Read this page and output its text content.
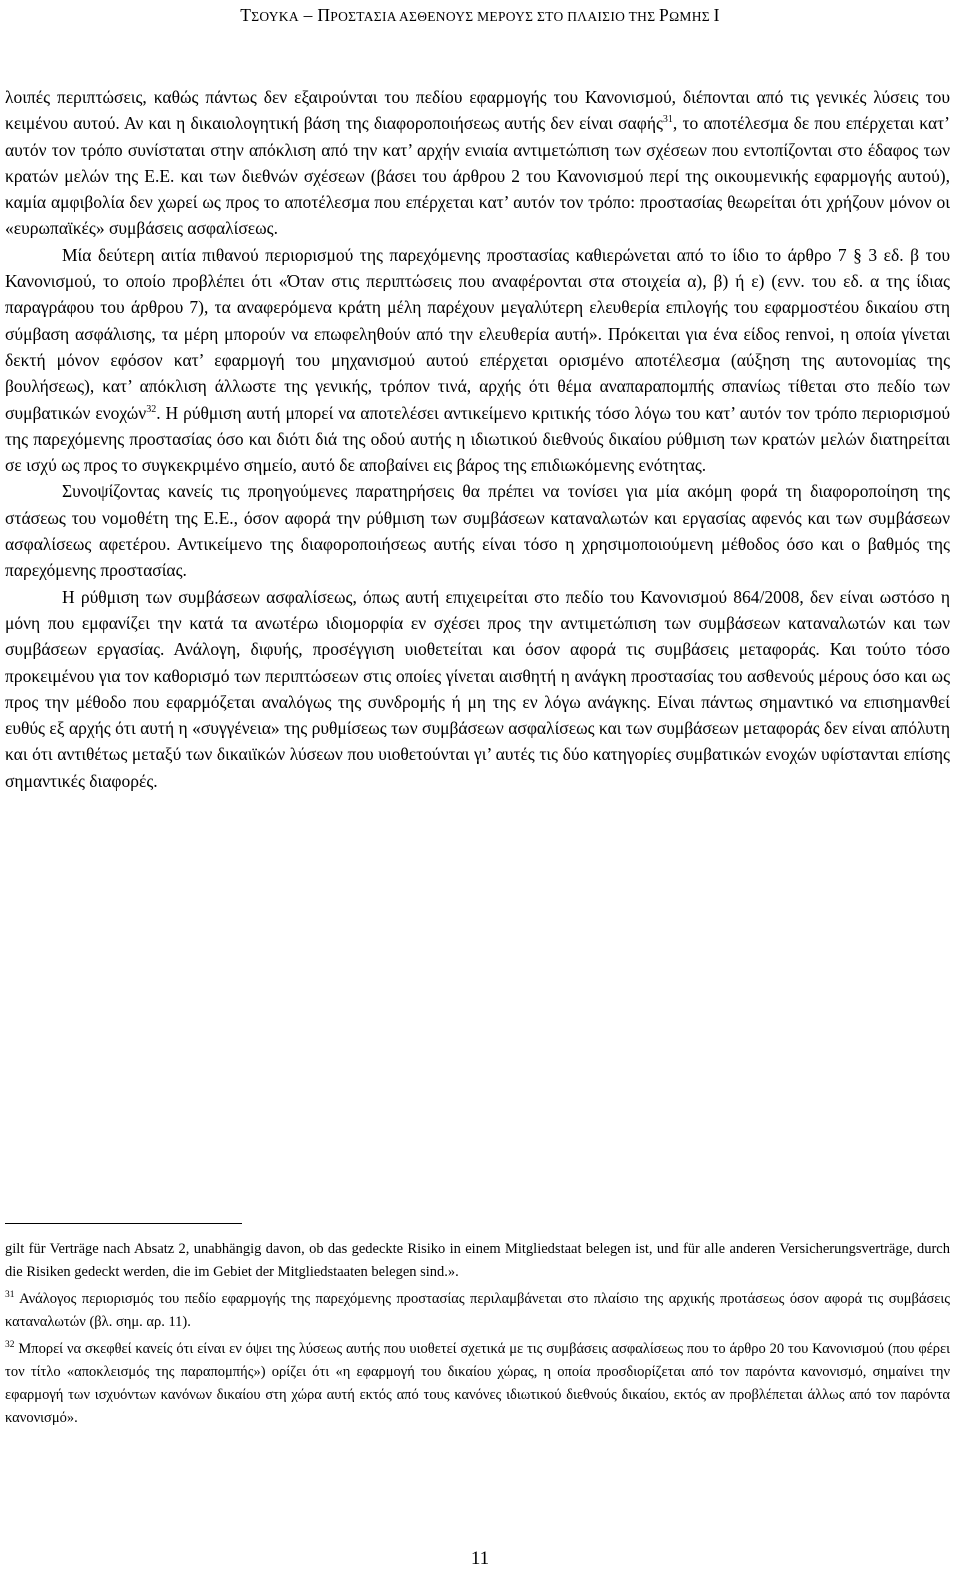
ΤΣΟΥΚΑ – ΠΡΟΣΤΑΣΙΑ ΑΣΘΕΝΟΥΣ ΜΕΡΟΥΣ ΣΤΟ ΠΛΑΙΣΙΟ ΤΗΣ ΡΩΜΗΣ I

λοιπές περιπτώσεις, καθώς πάντως δεν εξαιρούνται του πεδίου εφαρμογής του Κανονισμού, διέπονται από τις γενικές λύσεις του κειμένου αυτού. Αν και η δικαιολογητική βάση της διαφοροποιήσεως αυτής δεν είναι σαφής$^{31}$, το αποτέλεσμα δε που επέρχεται κατ’ αυτόν τον τρόπο συνίσταται στην απόκλιση από την κατ’ αρχήν ενιαία αντιμετώπιση των σχέσεων που εντοπίζονται στο έδαφος των κρατών μελών της Ε.Ε. και των διεθνών σχέσεων (βάσει του άρθρου 2 του Κανονισμού περί της οικουμενικής εφαρμογής αυτού), καμία αμφιβολία δεν χωρεί ως προς το αποτέλεσμα που επέρχεται κατ’ αυτόν τον τρόπο: προστασίας θεωρείται ότι χρήζουν μόνον οι «ευρωπαϊκές» συμβάσεις ασφαλίσεως.

Μία δεύτερη αιτία πιθανού περιορισμού της παρεχόμενης προστασίας καθιερώνεται από το ίδιο το άρθρο 7 § 3 εδ. β του Κανονισμού, το οποίο προβλέπει ότι «Όταν στις περιπτώσεις που αναφέρονται στα στοιχεία α), β) ή ε) (ενν. του εδ. α της ίδιας παραγράφου του άρθρου 7), τα αναφερόμενα κράτη μέλη παρέχουν μεγαλύτερη ελευθερία επιλογής του εφαρμοστέου δικαίου στη σύμβαση ασφάλισης, τα μέρη μπορούν να επωφεληθούν από την ελευθερία αυτή». Πρόκειται για ένα είδος renvoi, η οποία γίνεται δεκτή μόνον εφόσον κατ’ εφαρμογή του μηχανισμού αυτού επέρχεται ορισμένο αποτέλεσμα (αύξηση της αυτονομίας της βουλήσεως), κατ’ απόκλιση άλλωστε της γενικής, τρόπον τινά, αρχής ότι θέμα αναπαραπομπής σπανίως τίθεται στο πεδίο των συμβατικών ενοχών$^{32}$. Η ρύθμιση αυτή μπορεί να αποτελέσει αντικείμενο κριτικής τόσο λόγω του κατ’ αυτόν τον τρόπο περιορισμού της παρεχόμενης προστασίας όσο και διότι διά της οδού αυτής η ιδιωτικού διεθνούς δικαίου ρύθμιση των κρατών μελών διατηρείται σε ισχύ ως προς το συγκεκριμένο σημείο, αυτό δε αποβαίνει εις βάρος της επιδιωκόμενης ενότητας.

Συνοψίζοντας κανείς τις προηγούμενες παρατηρήσεις θα πρέπει να τονίσει για μία ακόμη φορά τη διαφοροποίηση της στάσεως του νομοθέτη της Ε.Ε., όσον αφορά την ρύθμιση των συμβάσεων καταναλωτών και εργασίας αφενός και των συμβάσεων ασφαλίσεως αφετέρου. Αντικείμενο της διαφοροποιήσεως αυτής είναι τόσο η χρησιμοποιούμενη μέθοδος όσο και ο βαθμός της παρεχόμενης προστασίας.

Η ρύθμιση των συμβάσεων ασφαλίσεως, όπως αυτή επιχειρείται στο πεδίο του Κανονισμού 864/2008, δεν είναι ωστόσο η μόνη που εμφανίζει την κατά τα ανωτέρω ιδιομορφία εν σχέσει προς την αντιμετώπιση των συμβάσεων καταναλωτών και των συμβάσεων εργασίας. Ανάλογη, διφυής, προσέγγιση υιοθετείται και όσον αφορά τις συμβάσεις μεταφοράς. Και τούτο τόσο προκειμένου για τον καθορισμό των περιπτώσεων στις οποίες γίνεται αισθητή η ανάγκη προστασίας του ασθενούς μέρους όσο και ως προς την μέθοδο που εφαρμόζεται αναλόγως της συνδρομής ή μη της εν λόγω ανάγκης. Είναι πάντως σημαντικό να επισημανθεί ευθύς εξ αρχής ότι αυτή η «συγγένεια» της ρυθμίσεως των συμβάσεων ασφαλίσεως και των συμβάσεων μεταφοράς δεν είναι απόλυτη και ότι αντιθέτως μεταξύ των δικαιϊκών λύσεων που υιοθετούνται γι’ αυτές τις δύο κατηγορίες συμβατικών ενοχών υφίστανται επίσης σημαντικές διαφορές.

gilt für Verträge nach Absatz 2, unabhängig davon, ob das gedeckte Risiko in einem Mitgliedstaat belegen ist, und für alle anderen Versicherungsverträge, durch die Risiken gedeckt werden, die im Gebiet der Mitgliedstaaten belegen sind.».

$^{31}$ Ανάλογος περιορισμός του πεδίο εφαρμογής της παρεχόμενης προστασίας περιλαμβάνεται στο πλαίσιο της αρχικής προτάσεως όσον αφορά τις συμβάσεις καταναλωτών (βλ. σημ. αρ. 11).

$^{32}$ Μπορεί να σκεφθεί κανείς ότι είναι εν όψει της λύσεως αυτής που υιοθετεί σχετικά με τις συμβάσεις ασφαλίσεως που το άρθρο 20 του Κανονισμού (που φέρει τον τίτλο «αποκλεισμός της παραπομπής») ορίζει ότι «η εφαρμογή του δικαίου χώρας, η οποία προσδιορίζεται από τον παρόντα κανονισμό, σημαίνει την εφαρμογή των ισχυόντων κανόνων δικαίου στη χώρα αυτή εκτός από τους κανόνες ιδιωτικού διεθνούς δικαίου, εκτός αν προβλέπεται άλλως από τον παρόντα κανονισμό».

11
